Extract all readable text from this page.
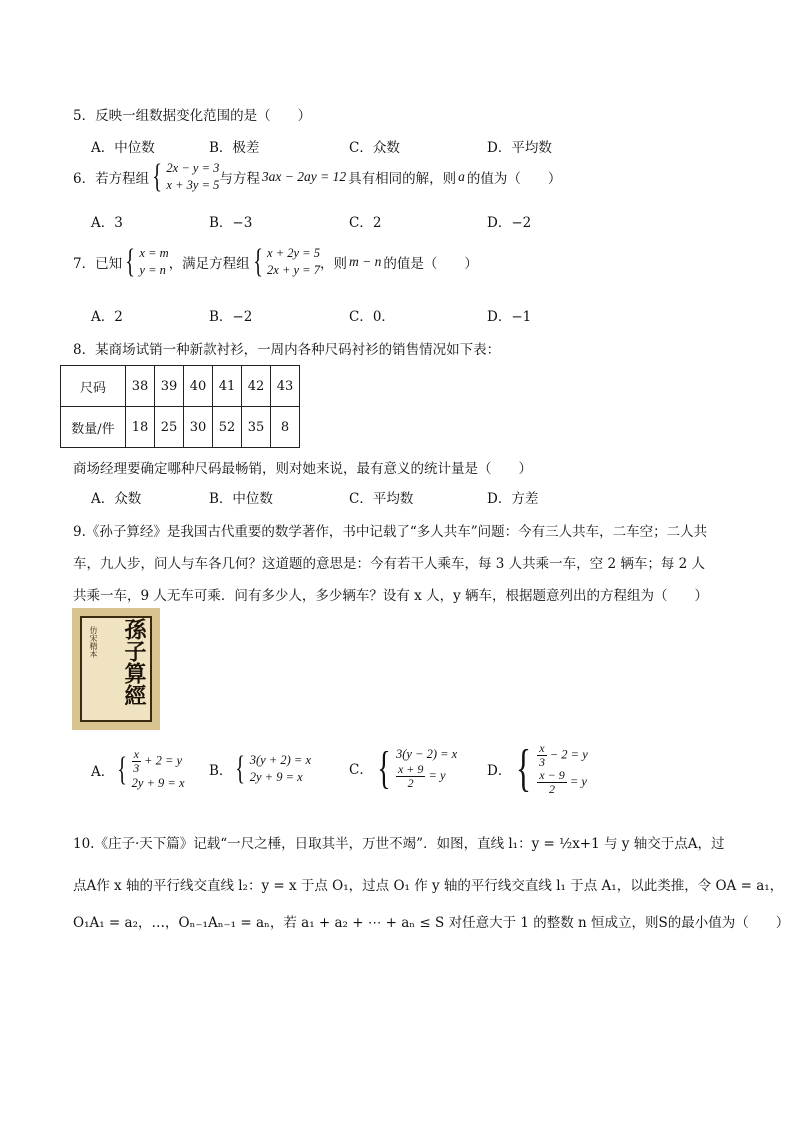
5．反映一组数据变化范围的是（　　）
A．中位数	B．极差	C．众数	D．平均数
6．若方程组 { 2x − y = 3
x + 3y = 5 与方程 3ax − 2ay = 12 具有相同的解，则 a 的值为（　　）
A．3	B．−3	C．2	D．−2
7．已知 { x = m
y = n ，满足方程组 { x + 2y = 5
2x + y = 7 ，则 m − n 的值是（　　）
A．2	B．−2	C．0．	D．−1
8．某商场试销一种新款衬衫，一周内各种尺码衬衫的销售情况如下表：
尺码	38	39	40	41	42	43
数量/件	18	25	30	52	35	8
商场经理要确定哪种尺码最畅销，则对她来说，最有意义的统计量是（　　）
A．众数	B．中位数	C．平均数	D．方差
9.《孙子算经》是我国古代重要的数学著作，书中记载了“多人共车”问题：今有三人共车，二车空；二人共
车，九人步，问人与车各几何？这道题的意思是：今有若干人乘车，每 3 人共乘一车，空 2 辆车；每 2 人
共乘一车，9 人无车可乘．问有多少人，多少辆车？设有 x 人，y 辆车，根据题意列出的方程组为（　　）
仿宋精本	孫子算經
A． { $\frac{x}{3} + 2 = y$
2y + 9 = x
B． { 3(y + 2) = x
2y + 9 = x	C． { 3(y − 2) = x
$\frac{x + 9}{2} = y$	D． { $\frac{x}{3} - 2 = y$
$\frac{x - 9}{2} = y$
10.《庄子·天下篇》记载“一尺之棰，日取其半，万世不竭”．如图，直线 l₁：y = ½x+1 与 y 轴交于点A，过
点A作 x 轴的平行线交直线 l₂：y = x 于点 O₁，过点 O₁ 作 y 轴的平行线交直线 l₁ 于点 A₁，以此类推，令 OA = a₁，
O₁A₁ = a₂，…，Oₙ₋₁Aₙ₋₁ = aₙ，若 a₁ + a₂ + ⋯ + aₙ ≤ S 对任意大于 1 的整数 n 恒成立，则S的最小值为（　　）
